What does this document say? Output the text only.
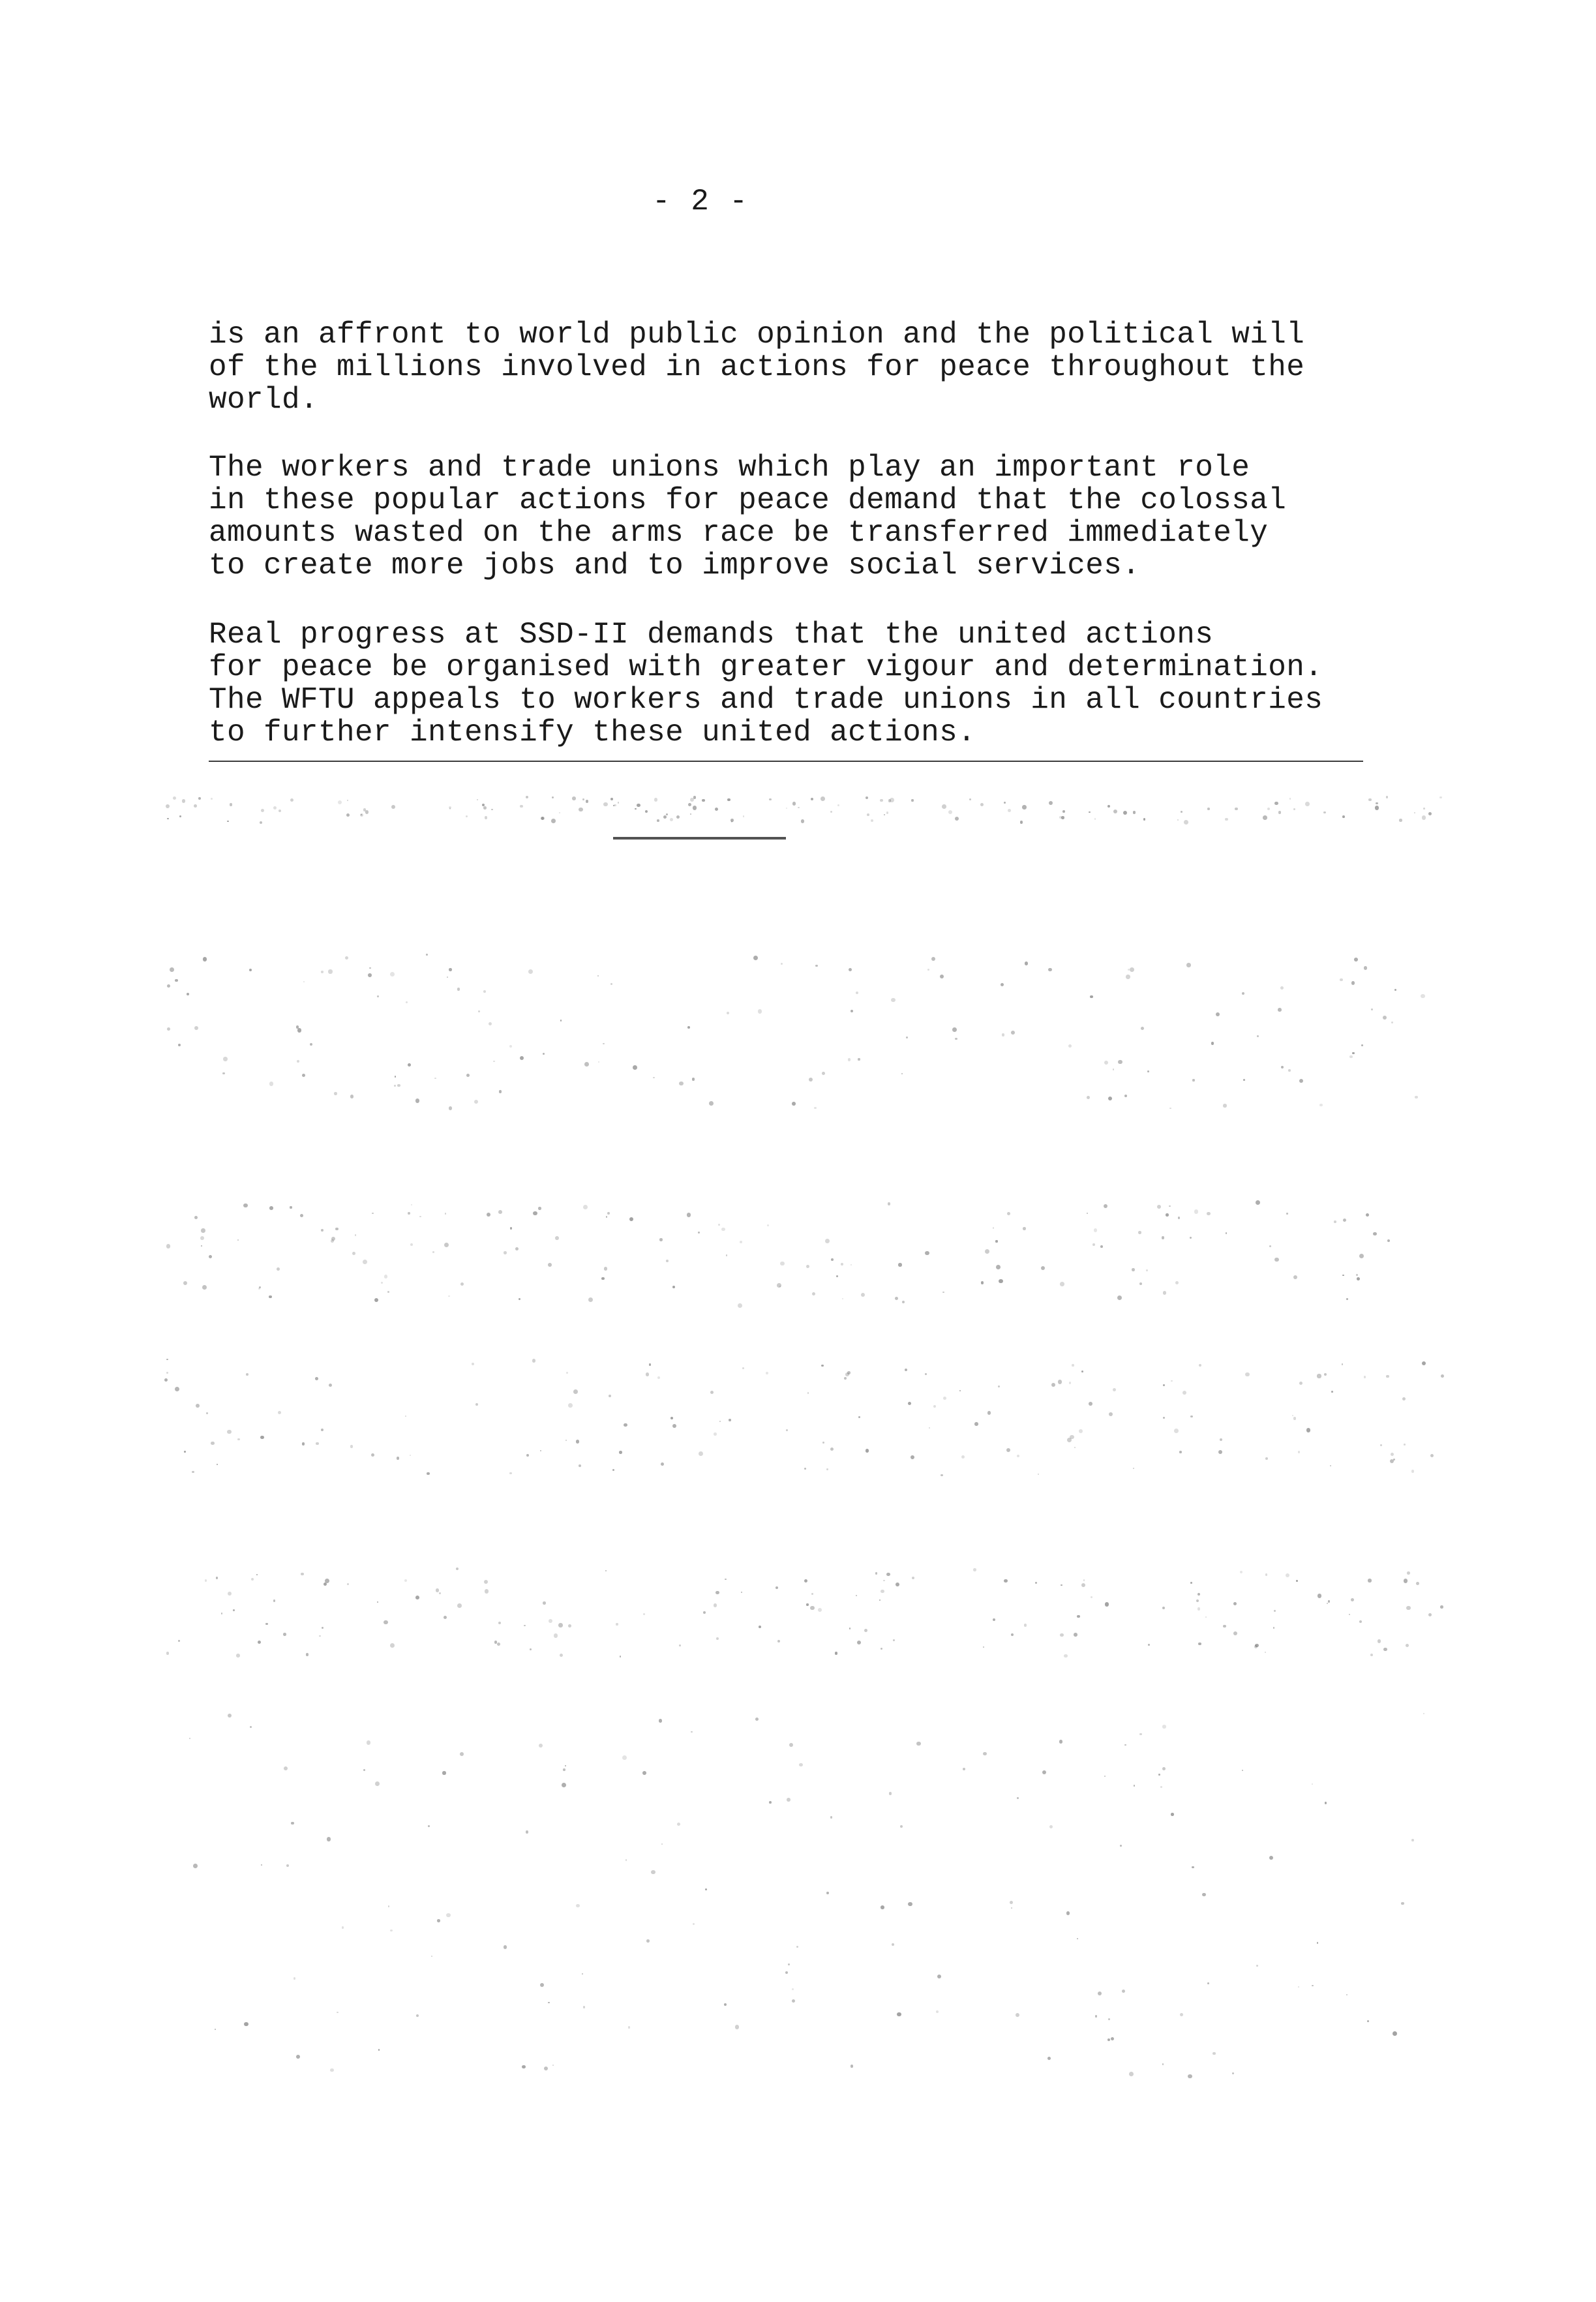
- 2 -

is an affront to world public opinion and the political will
of the millions involved in actions for peace throughout the
world.

The workers and trade unions which play an important role
in these popular actions for peace demand that the colossal
amounts wasted on the arms race be transferred immediately
to create more jobs and to improve social services.

Real progress at SSD-II demands that the united actions
for peace be organised with greater vigour and determination.
The WFTU appeals to workers and trade unions in all countries
to further intensify these united actions.
